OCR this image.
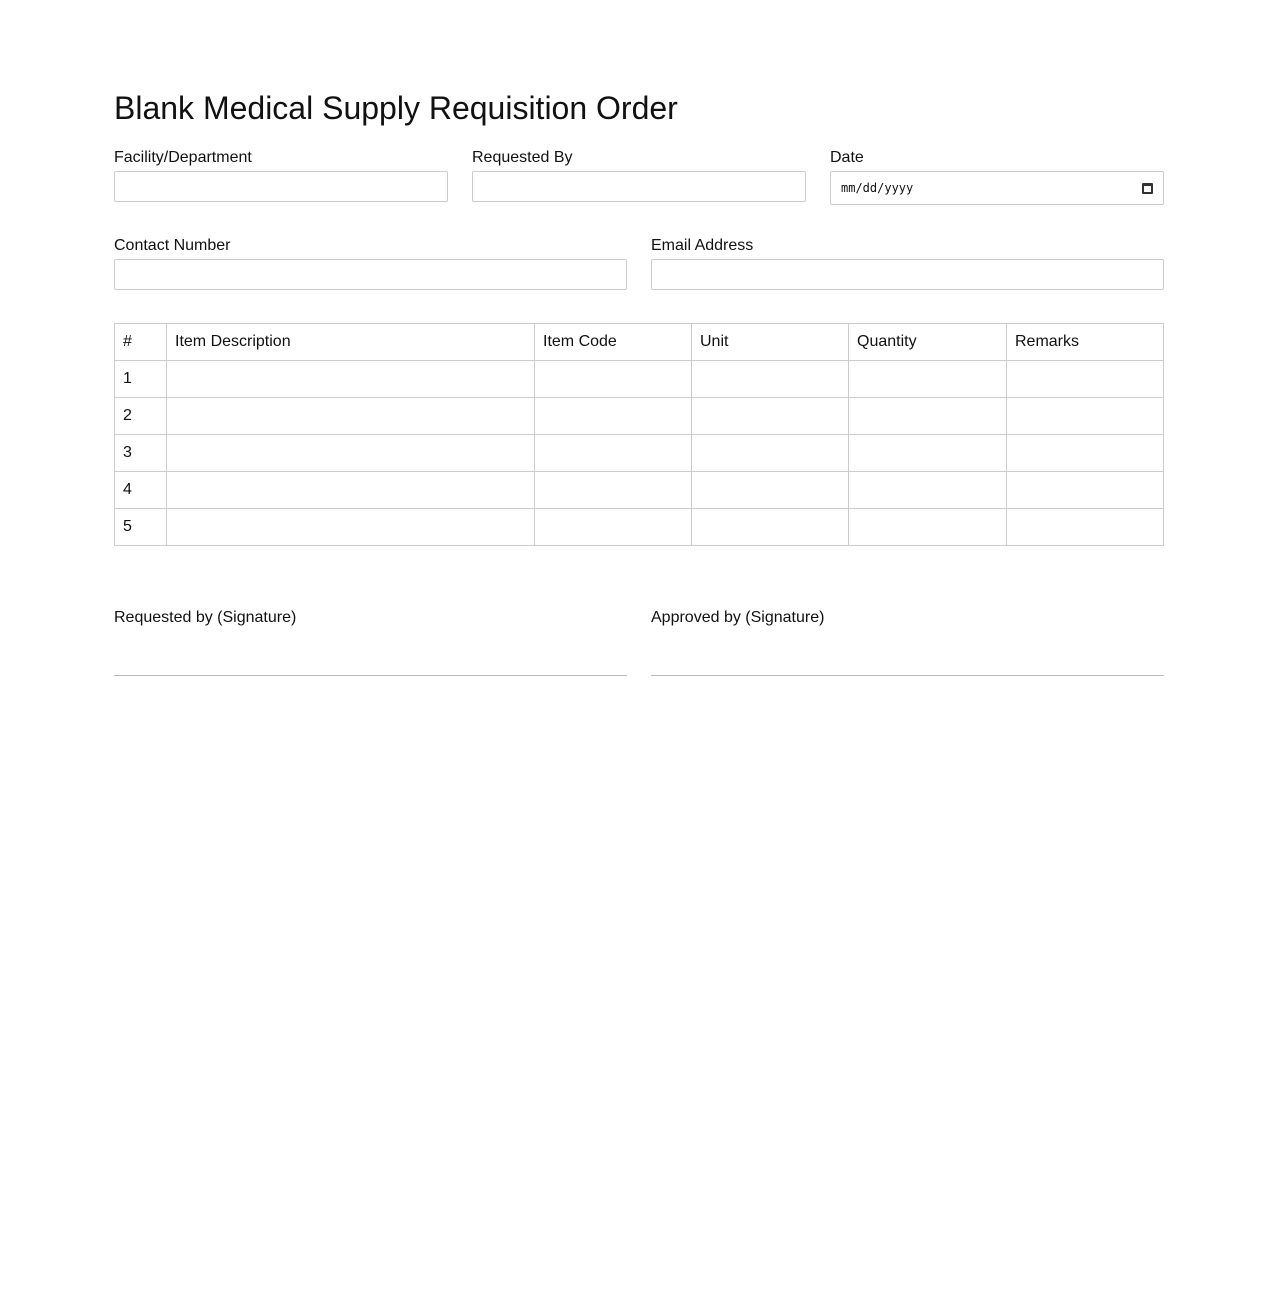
Blank Medical Supply Requisition Order
Facility/Department	Requested By	Date
mm/dd/yyyy
Contact Number	Email Address
#	Item Description	Item Code	Unit	Quantity	Remarks
1					
2					
3					
4					
5					
Requested by (Signature)	Approved by (Signature)
